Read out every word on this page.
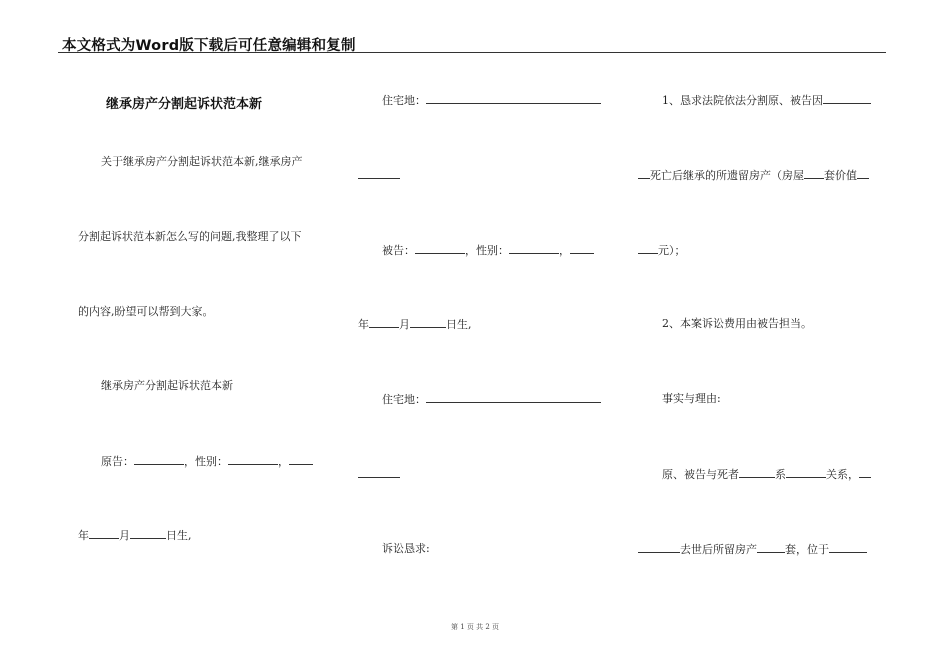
本文格式为Word版下载后可任意编辑和复制
继承房产分割起诉状范本新
关于继承房产分割起诉状范本新,继承房产
分割起诉状范本新怎么写的问题,我整理了以下
的内容,盼望可以帮到大家。
继承房产分割起诉状范本新
原告：	，性别：	，
年	月	日生,
住宅地：
被告：	，性别：	，
年	月	日生,
住宅地：
诉讼恳求:
1、恳求法院依法分割原、被告因
死亡后继承的所遗留房产（房屋 套价值
元）；
2、本案诉讼费用由被告担当。
事实与理由:
原、被告与死者	系	关系，
去世后所留房产	套，位于
第 1 页 共 2 页
